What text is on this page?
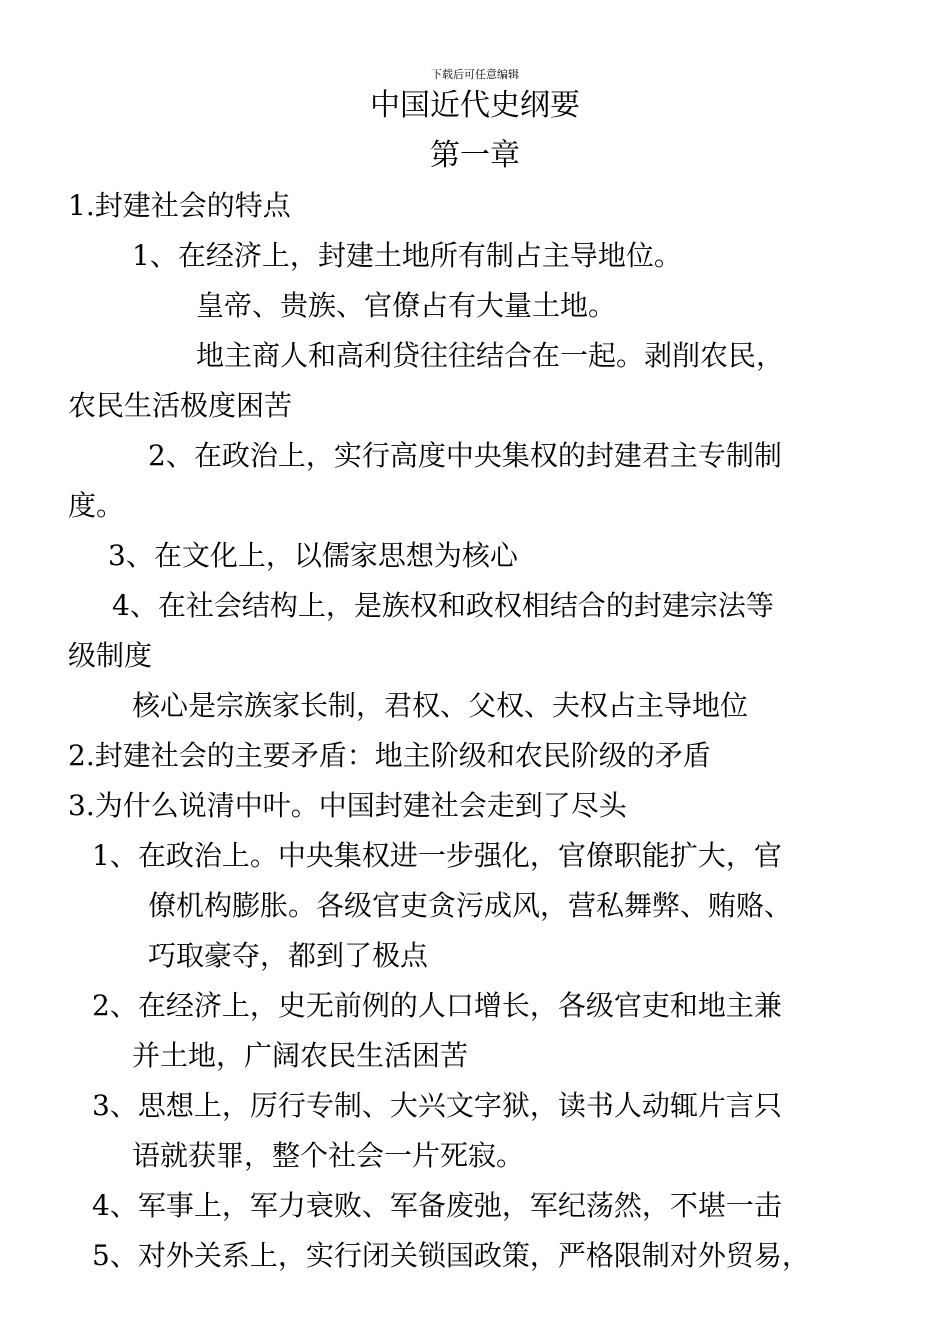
下载后可任意编辑
中国近代史纲要
第一章
1.封建社会的特点
1、在经济上，封建土地所有制占主导地位。
皇帝、贵族、官僚占有大量土地。
地主商人和高利贷往往结合在一起。剥削农民，
农民生活极度困苦
2、在政治上，实行高度中央集权的封建君主专制制
度。
3、在文化上，以儒家思想为核心
4、在社会结构上，是族权和政权相结合的封建宗法等
级制度
核心是宗族家长制，君权、父权、夫权占主导地位
2.封建社会的主要矛盾：地主阶级和农民阶级的矛盾
3.为什么说清中叶。中国封建社会走到了尽头
1、在政治上。中央集权进一步强化，官僚职能扩大，官
僚机构膨胀。各级官吏贪污成风，营私舞弊、贿赂、
巧取豪夺，都到了极点
2、在经济上，史无前例的人口增长，各级官吏和地主兼
并土地，广阔农民生活困苦
3、思想上，厉行专制、大兴文字狱，读书人动辄片言只
语就获罪，整个社会一片死寂。
4、军事上，军力衰败、军备废弛，军纪荡然，不堪一击
5、对外关系上，实行闭关锁国政策，严格限制对外贸易，
